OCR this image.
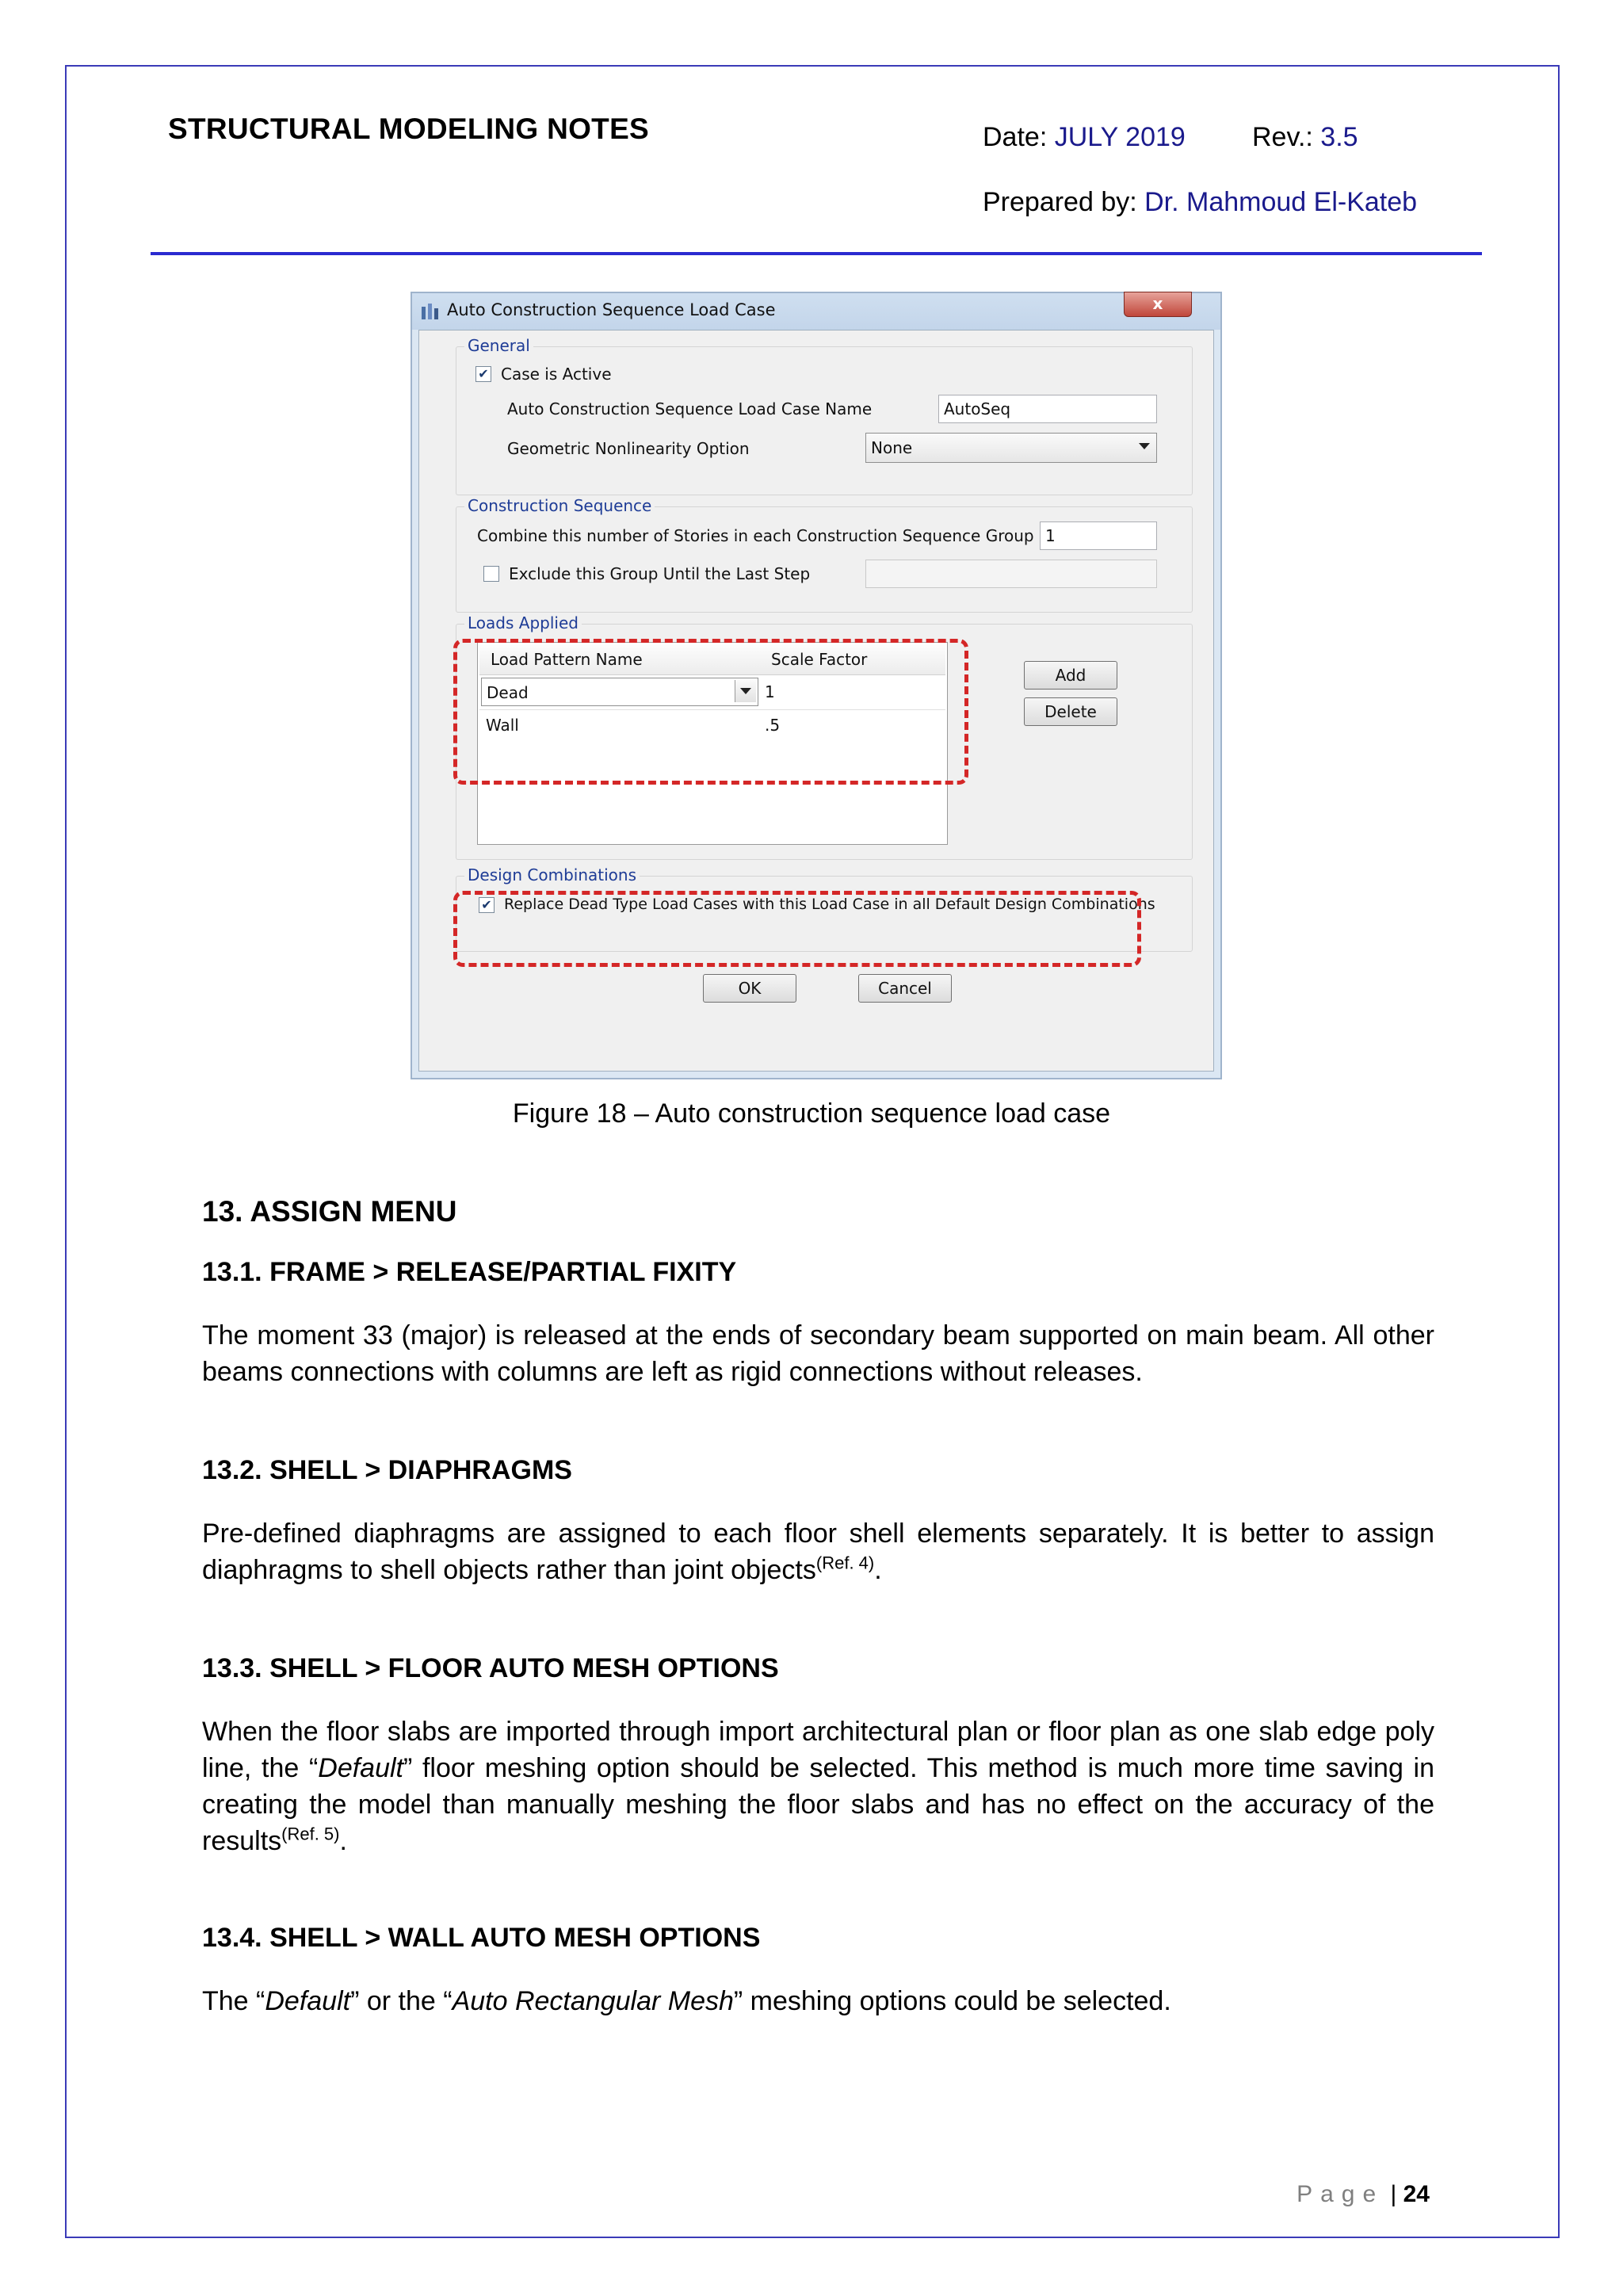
STRUCTURAL MODELING NOTES	Date: JULY 2019 Rev.: 3.5
Prepared by: Dr. Mahmoud El-Kateb
Auto Construction Sequence Load Case	x
General
✔ Case is Active
Auto Construction Sequence Load Case Name	AutoSeq
Geometric Nonlinearity Option	None
Construction Sequence
Combine this number of Stories in each Construction Sequence Group 1
Exclude this Group Until the Last Step
Loads Applied
Load Pattern Name	Scale Factor
Dead	1
Wall	.5
Add
Delete
Design Combinations
✔ Replace Dead Type Load Cases with this Load Case in all Default Design Combinations
OK	Cancel
Figure 18 – Auto construction sequence load case
13. ASSIGN MENU
13.1. FRAME > RELEASE/PARTIAL FIXITY
The moment 33 (major) is released at the ends of secondary beam supported on main beam. All other beams connections with columns are left as rigid connections without releases.
13.2. SHELL > DIAPHRAGMS
Pre-defined diaphragms are assigned to each floor shell elements separately. It is better to assign diaphragms to shell objects rather than joint objects$^{(Ref. 4)}$.
13.3. SHELL > FLOOR AUTO MESH OPTIONS
When the floor slabs are imported through import architectural plan or floor plan as one slab edge poly line, the “Default” floor meshing option should be selected. This method is much more time saving in creating the model than manually meshing the floor slabs and has no effect on the accuracy of the results$^{(Ref. 5)}$.
13.4. SHELL > WALL AUTO MESH OPTIONS
The “Default” or the “Auto Rectangular Mesh” meshing options could be selected.
Page | 24
